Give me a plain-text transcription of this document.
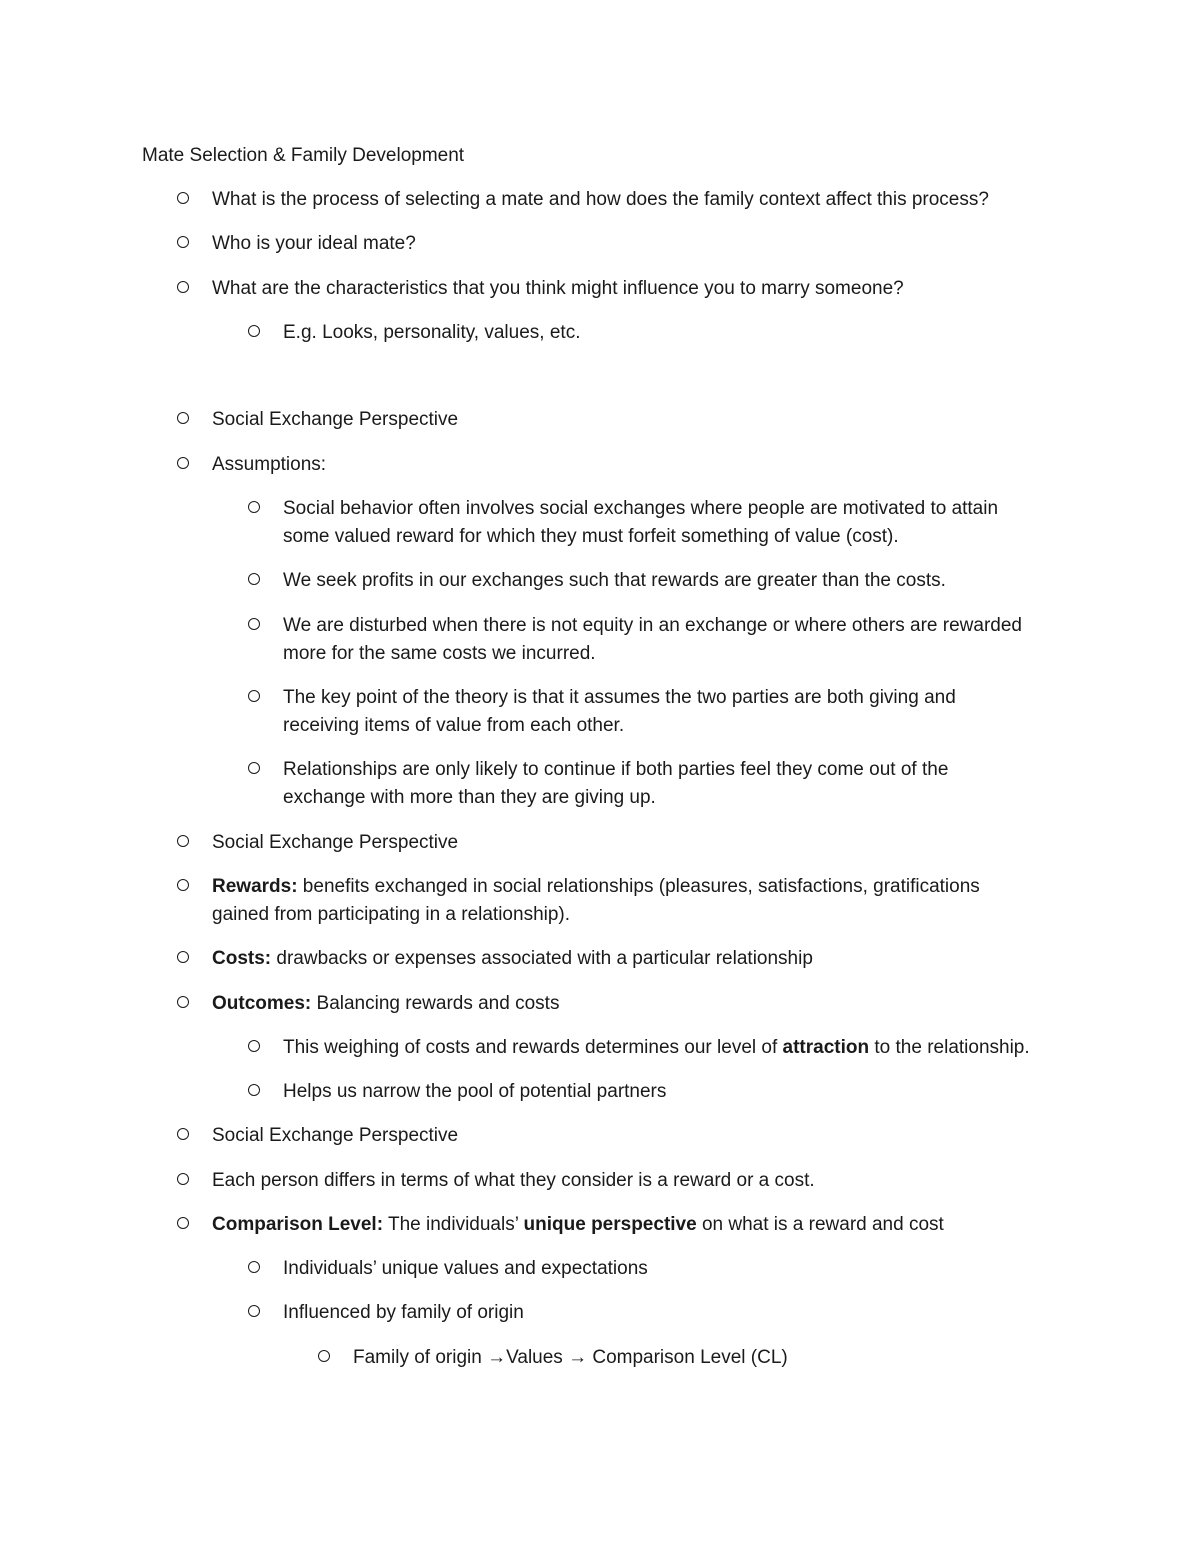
Mate Selection & Family Development
What is the process of selecting a mate and how does the family context affect this process?
Who is your ideal mate?
What are the characteristics that you think might influence you to marry someone?
E.g. Looks, personality, values, etc.
Social Exchange Perspective
Assumptions:
Social behavior often involves social exchanges where people are motivated to attain
some valued reward for which they must forfeit something of value (cost).
We seek profits in our exchanges such that rewards are greater than the costs.
We are disturbed when there is not equity in an exchange or where others are rewarded
more for the same costs we incurred.
The key point of the theory is that it assumes the two parties are both giving and
receiving items of value from each other.
Relationships are only likely to continue if both parties feel they come out of the
exchange with more than they are giving up.
Social Exchange Perspective
Rewards: benefits exchanged in social relationships (pleasures, satisfactions, gratifications
gained from participating in a relationship).
Costs: drawbacks or expenses associated with a particular relationship
Outcomes: Balancing rewards and costs
This weighing of costs and rewards determines our level of attraction to the relationship.
Helps us narrow the pool of potential partners
Social Exchange Perspective
Each person differs in terms of what they consider is a reward or a cost.
Comparison Level: The individuals’ unique perspective on what is a reward and cost
Individuals’ unique values and expectations
Influenced by family of origin
Family of origin →Values → Comparison Level (CL)
